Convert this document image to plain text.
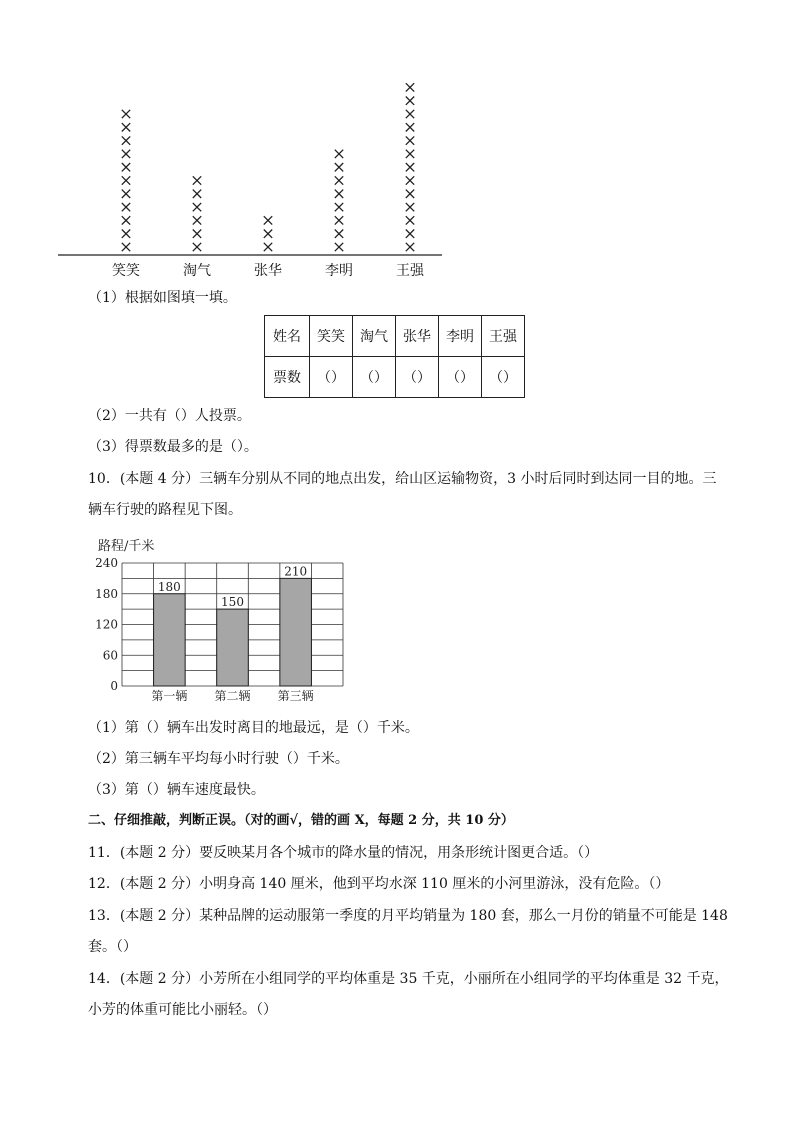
笑笑	淘气	张华	李明	王强
（1）根据如图填一填。
姓名	笑笑	淘气	张华	李明	王强
票数	（）	（）	（）	（）	（）
（2）一共有（）人投票。
（3）得票数最多的是（）。
10．(本题 4 分）三辆车分别从不同的地点出发，给山区运输物资，3 小时后同时到达同一目的地。三
辆车行驶的路程见下图。
路程/千米
0
60
120
180
240
第一辆 第二辆 第三辆
180
150
210
（1）第（）辆车出发时离目的地最远，是（）千米。
（2）第三辆车平均每小时行驶（）千米。
（3）第（）辆车速度最快。
二、仔细推敲，判断正误。（对的画√，错的画 X，每题 2 分，共 10 分）
11．(本题 2 分）要反映某月各个城市的降水量的情况，用条形统计图更合适。（）
12．(本题 2 分）小明身高 140 厘米，他到平均水深 110 厘米的小河里游泳，没有危险。（）
13．(本题 2 分）某种品牌的运动服第一季度的月平均销量为 180 套，那么一月份的销量不可能是 148
套。（）
14．(本题 2 分）小芳所在小组同学的平均体重是 35 千克，小丽所在小组同学的平均体重是 32 千克，
小芳的体重可能比小丽轻。（）
